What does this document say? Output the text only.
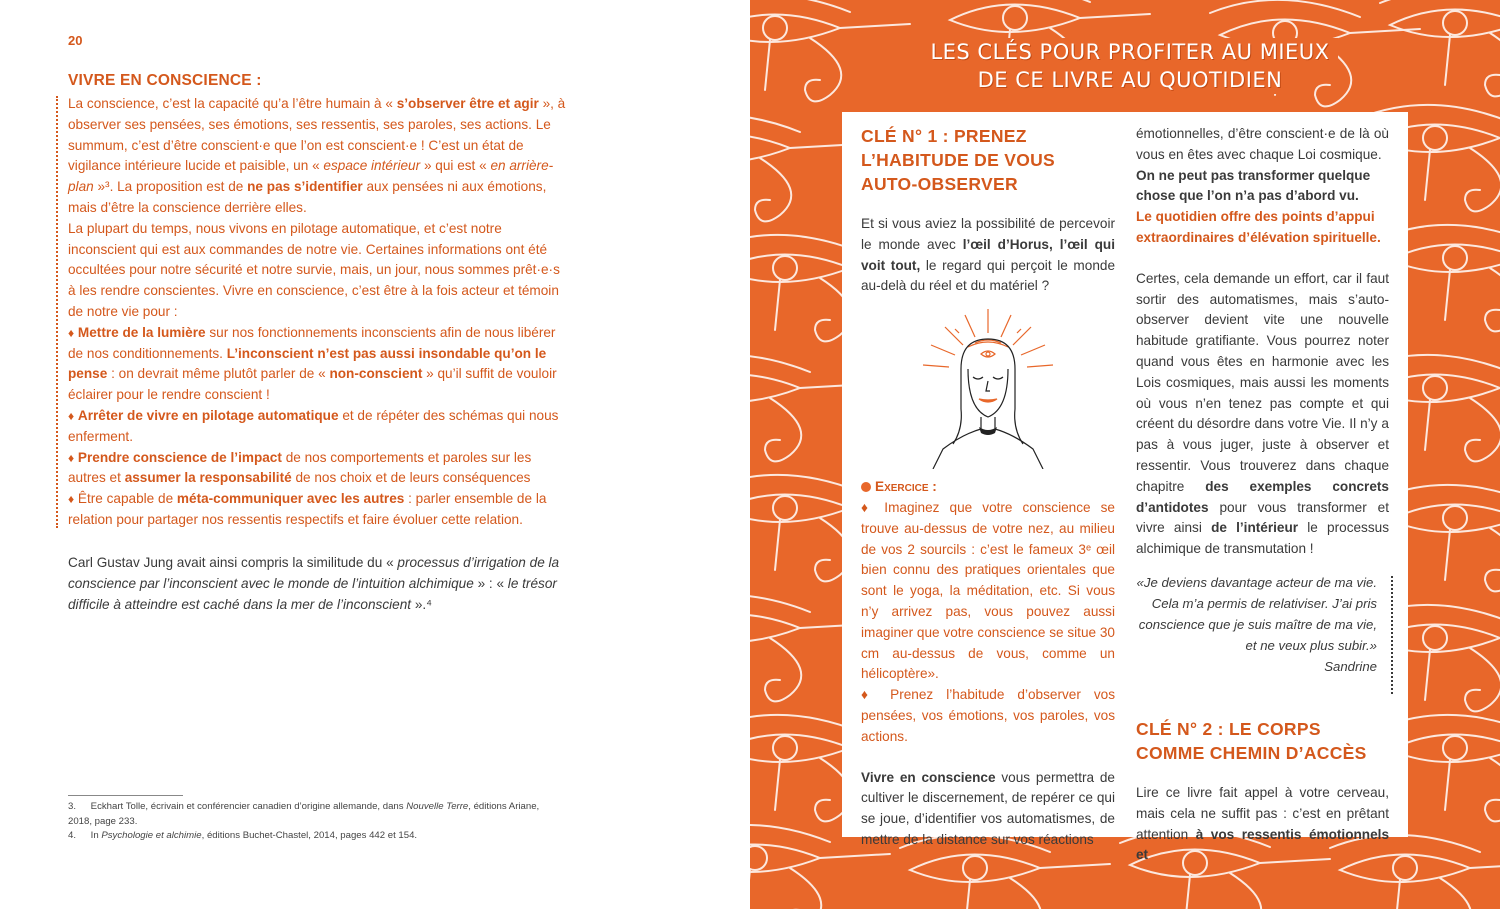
20
VIVRE EN CONSCIENCE :

La conscience, c’est la capacité qu’a l’être humain à « s’observer être et agir », à observer ses pensées, ses émotions, ses ressentis, ses paroles, ses actions. Le summum, c’est d’être conscient·e que l’on est conscient·e ! C’est un état de vigilance intérieure lucide et paisible, un « espace intérieur » qui est « en arrière-plan »³. La proposition est de ne pas s’identifier aux pensées ni aux émotions, mais d’être la conscience derrière elles.

La plupart du temps, nous vivons en pilotage automatique, et c’est notre inconscient qui est aux commandes de notre vie. Certaines informations ont été occultées pour notre sécurité et notre survie, mais, un jour, nous sommes prêt·e·s à les rendre conscientes. Vivre en conscience, c’est être à la fois acteur et témoin de notre vie pour :

♦ Mettre de la lumière sur nos fonctionnements inconscients afin de nous libérer de nos conditionnements. L’inconscient n’est pas aussi insondable qu’on le pense : on devrait même plutôt parler de « non-conscient » qu’il suffit de vouloir éclairer pour le rendre conscient !

♦ Arrêter de vivre en pilotage automatique et de répéter des schémas qui nous enferment.

♦ Prendre conscience de l’impact de nos comportements et paroles sur les autres et assumer la responsabilité de nos choix et de leurs conséquences

♦ Être capable de méta-communiquer avec les autres : parler ensemble de la relation pour partager nos ressentis respectifs et faire évoluer cette relation.

Carl Gustav Jung avait ainsi compris la similitude du « processus d’irrigation de la conscience par l’inconscient avec le monde de l’intuition alchimique » : « le trésor difficile à atteindre est caché dans la mer de l’inconscient ».⁴
3. Eckhart Tolle, écrivain et conférencier canadien d’origine allemande, dans Nouvelle Terre, éditions Ariane, 2018, page 233.
4. In Psychologie et alchimie, éditions Buchet-Chastel, 2014, pages 442 et 154.
LES CLÉS POUR PROFITER AU MIEUX
DE CE LIVRE AU QUOTIDIEN
CLÉ N° 1 : PRENEZ L’HABITUDE DE VOUS AUTO-OBSERVER

Et si vous aviez la possibilité de percevoir le monde avec l’œil d’Horus, l’œil qui voit tout, le regard qui perçoit le monde au-delà du réel et du matériel ?

Exercice :

♦ Imaginez que votre conscience se trouve au-dessus de votre nez, au milieu de vos 2 sourcils : c’est le fameux 3ᵉ œil bien connu des pratiques orientales que sont le yoga, la méditation, etc. Si vous n’y arrivez pas, vous pouvez aussi imaginer que votre conscience se situe 30 cm au-dessus de vous, comme un hélicoptère».

♦ Prenez l’habitude d’observer vos pensées, vos émotions, vos paroles, vos actions.

Vivre en conscience vous permettra de cultiver le discernement, de repérer ce qui se joue, d’identifier vos automatismes, de mettre de la distance sur vos réactions

émotionnelles, d’être conscient·e de là où vous en êtes avec chaque Loi cosmique.

On ne peut pas transformer quelque chose que l’on n’a pas d’abord vu.

Le quotidien offre des points d’appui extraordinaires d’élévation spirituelle.

Certes, cela demande un effort, car il faut sortir des automatismes, mais s’auto-observer devient vite une nouvelle habitude gratifiante. Vous pourrez noter quand vous êtes en harmonie avec les Lois cosmiques, mais aussi les moments où vous n’en tenez pas compte et qui créent du désordre dans votre Vie. Il n’y a pas à vous juger, juste à observer et ressentir. Vous trouverez dans chaque chapitre des exemples concrets d’antidotes pour vous transformer et vivre ainsi de l’intérieur le processus alchimique de transmutation !

«Je deviens davantage acteur de ma vie. Cela m’a permis de relativiser. J’ai pris conscience que je suis maître de ma vie, et ne veux plus subir.»
Sandrine
CLÉ N° 2 : LE CORPS COMME CHEMIN D’ACCÈS

Lire ce livre fait appel à votre cerveau, mais cela ne suffit pas : c’est en prêtant attention à vos ressentis émotionnels et
